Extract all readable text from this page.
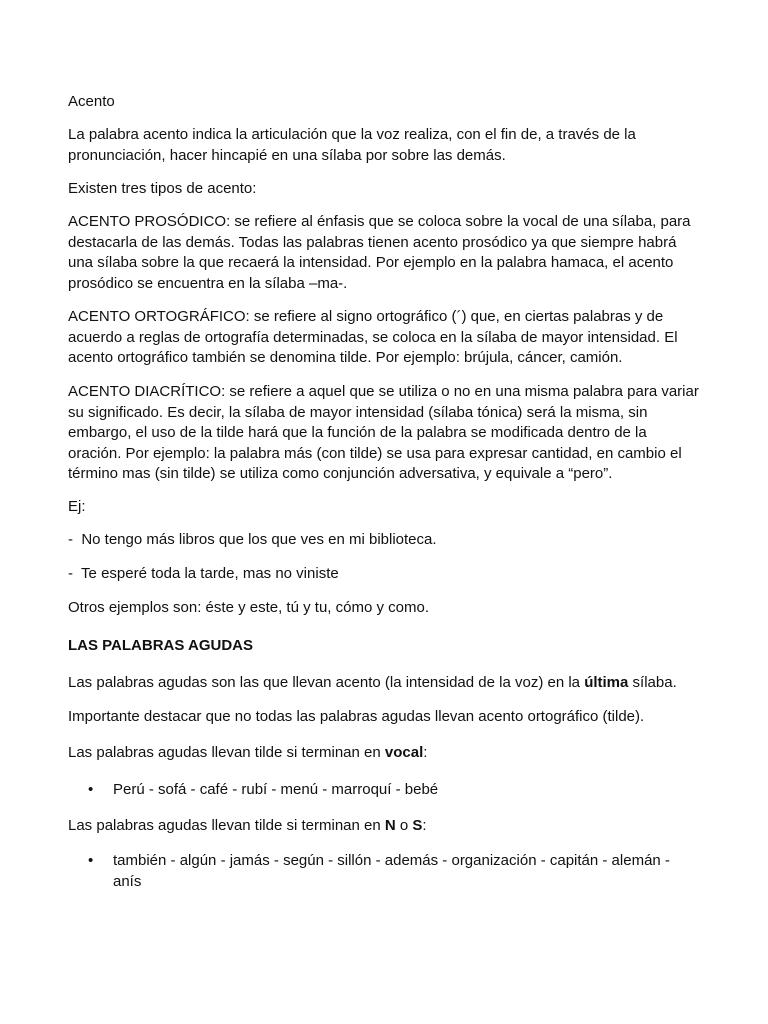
Acento

La palabra acento indica la articulación que la voz realiza, con el fin de, a través de la pronunciación, hacer hincapié en una sílaba por sobre las demás.

Existen tres tipos de acento:

ACENTO PROSÓDICO: se refiere al énfasis que se coloca sobre la vocal de una sílaba, para destacarla de las demás. Todas las palabras tienen acento prosódico ya que siempre habrá una sílaba sobre la que recaerá la intensidad. Por ejemplo en la palabra hamaca, el acento prosódico se encuentra en la sílaba –ma-.

ACENTO ORTOGRÁFICO: se refiere al signo ortográfico (´) que, en ciertas palabras y de acuerdo a reglas de ortografía determinadas, se coloca en la sílaba de mayor intensidad. El acento ortográfico también se denomina tilde. Por ejemplo: brújula, cáncer, camión.

ACENTO DIACRÍTICO: se refiere a aquel que se utiliza o no en una misma palabra para variar su significado. Es decir, la sílaba de mayor intensidad (sílaba tónica) será la misma, sin embargo, el uso de la tilde hará que la función de la palabra se modificada dentro de la oración. Por ejemplo: la palabra más (con tilde) se usa para expresar cantidad, en cambio el término mas (sin tilde) se utiliza como conjunción adversativa, y equivale a “pero”.

Ej:

-  No tengo más libros que los que ves en mi biblioteca.

-  Te esperé toda la tarde, mas no viniste

Otros ejemplos son: éste y este, tú y tu, cómo y como.

LAS PALABRAS AGUDAS

Las palabras agudas son las que llevan acento (la intensidad de la voz) en la última sílaba.

Importante destacar que no todas las palabras agudas llevan acento ortográfico (tilde).

Las palabras agudas llevan tilde si terminan en vocal:

• Perú - sofá - café - rubí - menú - marroquí - bebé

Las palabras agudas llevan tilde si terminan en N o S:

• también - algún - jamás - según - sillón - además - organización - capitán - alemán - anís
